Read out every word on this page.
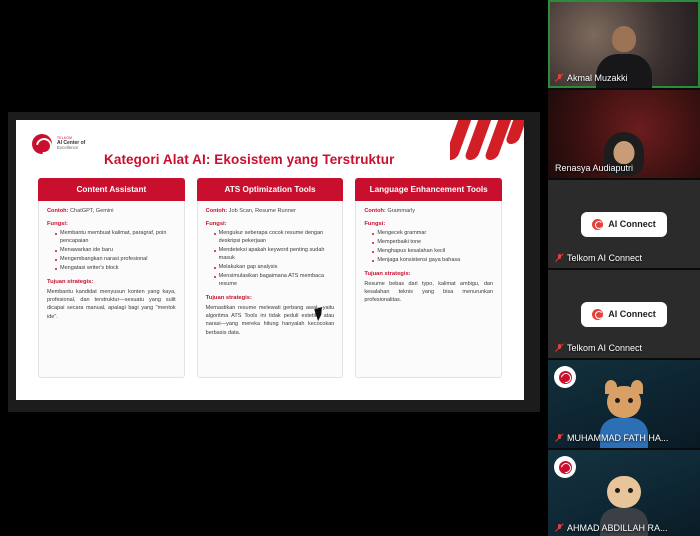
TELKOM
AI Center of
Excellence
Kategori Alat AI: Ekosistem yang Terstruktur
Content Assistant
Contoh: ChatGPT, Gemini
Fungsi:
Membantu membuat kalimat, paragraf, poin pencapaian
Menawarkan ide baru
Mengembangkan narasi profesional
Mengatasi writer's block
Tujuan strategis:
Membantu kandidat menyusun konten yang kaya, profesional, dan terstruktur—sesuatu yang sulit dicapai secara manual, apalagi bagi yang "mentok ide".
ATS Optimization Tools
Contoh: Job Scan, Resume Runner
Fungsi:
Mengukur seberapa cocok resume dengan deskripsi pekerjaan
Mendeteksi apakah keyword penting sudah masuk
Melakukan gap analysis
Mensimulasikan bagaimana ATS membaca resume
Tujuan strategis:
Memastikan resume melewati gerbang awal—yaitu algoritma ATS Tools ini tidak peduli estetika atau narasi—yang mereka hitung hanyalah kecocokan berbasis data.
Language Enhancement Tools
Contoh: Grammarly
Fungsi:
Mengecek grammar
Memperbaiki tone
Menghapus kesalahan kecil
Menjaga konsistensi gaya bahasa
Tujuan strategis:
Resume bebas dari typo, kalimat ambigu, dan kesalahan teknis yang bisa menurunkan profesionalitas.
Akmal Muzakki
Renasya Audiaputri
AI Connect
Telkom AI Connect
AI Connect
Telkom AI Connect
MUHAMMAD FATH HA...
AHMAD ABDILLAH RA...
